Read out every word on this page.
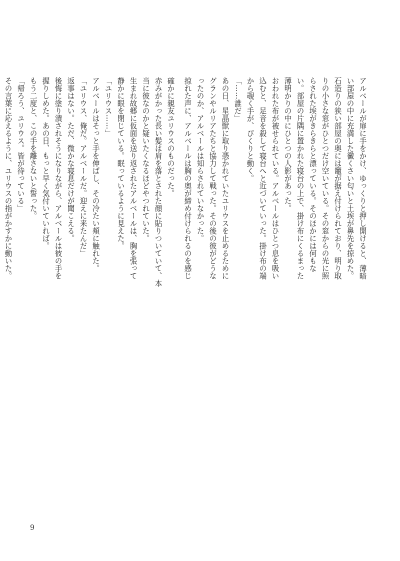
確かに親友ユリウスのものだった。

赤みがかった長い髪は肩を落とされた顔に貼りついていて、本

当に彼なのかと疑いたくなるほどやつれていた。

生まれ故郷に仮面を送り返されたアルベールは、胸を張って

静かに眼を閉じている。眠っているように見えた。

「ユリウス……」

アルベールはそっと手を伸ばし、その冷たい頬に触れた。

「ユリウス、俺だ。アルベールだ。迎えに来たんだ」

返事はない。ただ、微かな寝息だけが聞こえる。

後悔に塗り潰されそうになりながら、アルベールは彼の手を

握りしめた。あの日、もっと早く気付いていれば。

もう二度と、この手を離さないと誓った。

「帰ろう、ユリウス。皆が待っている」

その言葉に応えるように、ユリウスの指がかすかに動いた。	アルベールが扉に手をかけ、ゆっくりと押し開けると、薄暗

い部屋の中に充満した黴くさい匂いと土埃が鼻先を掠めた。

石造りの狭い部屋の奥には竈が据え付けられており、明り取

りの小さな窓がひとつだけ空いている。その窓からの光に照

らされた埃がきらきらと漂っている。そのほかには何もな

い。部屋の片隅に置かれた寝台の上で、掛け布にくるまった

薄明かりの中にひとつの人影があった。

おわれた布が被せられている。アルベールはひとつ息を吸い

込むと、足音を殺して寝台へと近づいていった。掛け布の端

から覗く手が、ぴくりと動く。

「……誰だ」

あの日、星晶獣に取り憑かれていたユリウスを止めるために

グランやルリアたちと協力して戦った。その後の彼がどうな

ったのか、アルベールは知らされていなかった。

掠れた声に、アルベールは胸の奥が締め付けられるのを感じ

9
